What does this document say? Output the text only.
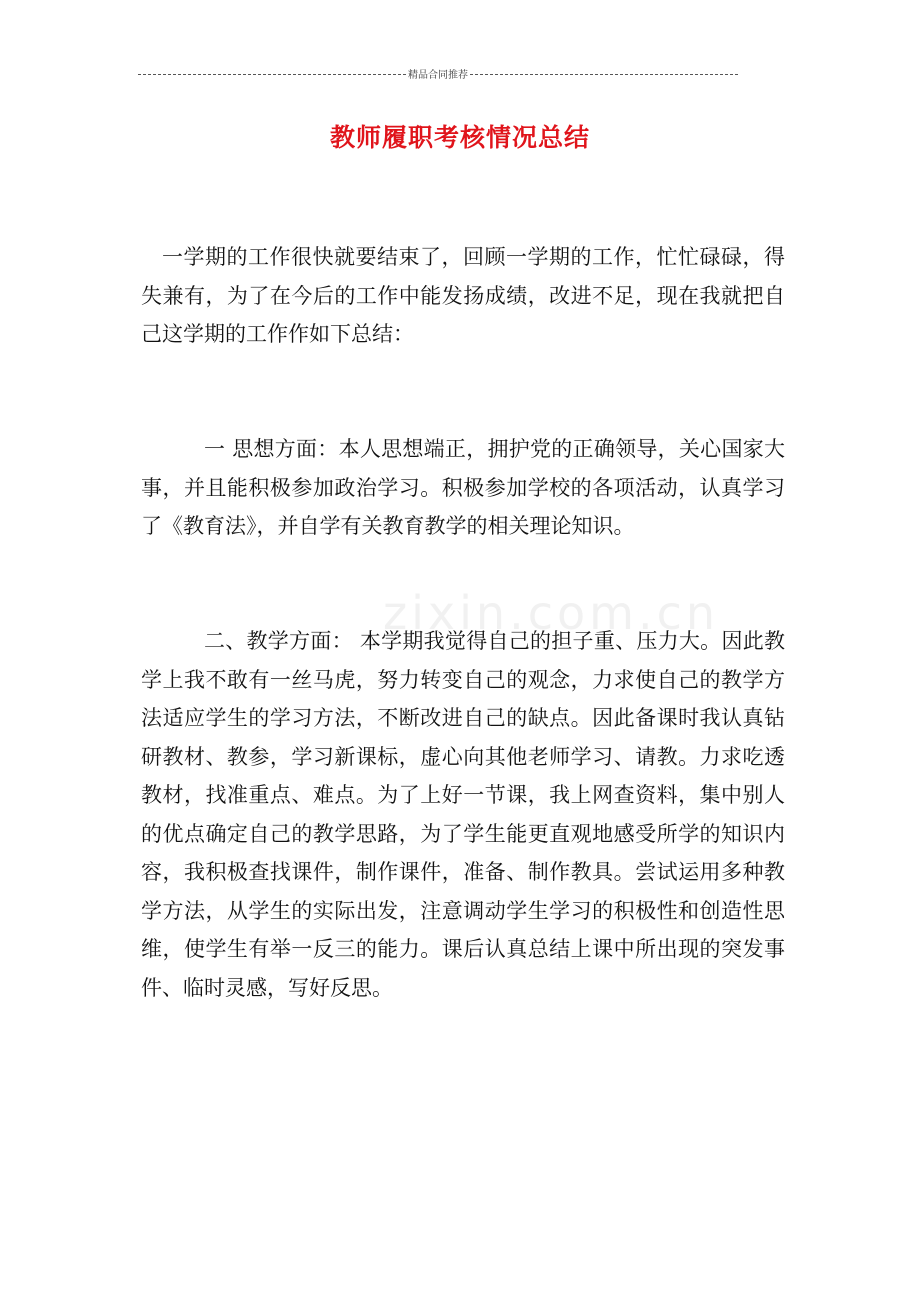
精品合同推荐
教师履职考核情况总结
zixin.com.cn

一学期的工作很快就要结束了，回顾一学期的工作，忙忙碌碌，得失兼有，为了在今后的工作中能发扬成绩，改进不足，现在我就把自己这学期的工作作如下总结：

一 思想方面：本人思想端正，拥护党的正确领导，关心国家大事，并且能积极参加政治学习。积极参加学校的各项活动，认真学习了《教育法》，并自学有关教育教学的相关理论知识。

二、教学方面： 本学期我觉得自己的担子重、压力大。因此教学上我不敢有一丝马虎，努力转变自己的观念，力求使自己的教学方法适应学生的学习方法，不断改进自己的缺点。因此备课时我认真钻研教材、教参，学习新课标，虚心向其他老师学习、请教。力求吃透教材，找准重点、难点。为了上好一节课，我上网查资料，集中别人的优点确定自己的教学思路，为了学生能更直观地感受所学的知识内容，我积极查找课件，制作课件，准备、制作教具。尝试运用多种教学方法，从学生的实际出发，注意调动学生学习的积极性和创造性思维，使学生有举一反三的能力。课后认真总结上课中所出现的突发事件、临时灵感，写好反思。
